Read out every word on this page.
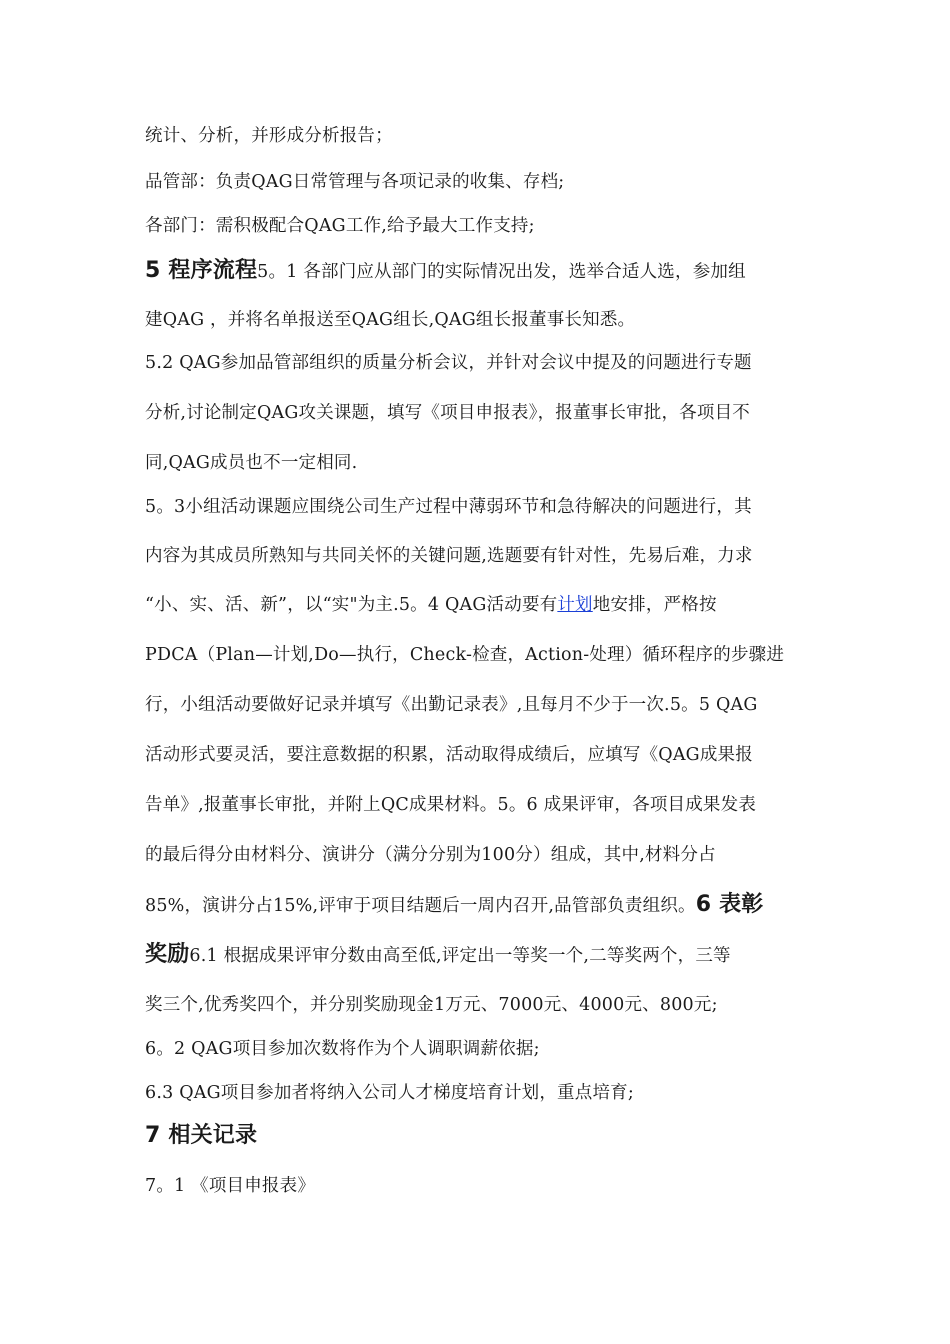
统计、分析，并形成分析报告；
品管部：负责QAG日常管理与各项记录的收集、存档;
各部门：需积极配合QAG工作,给予最大工作支持;
5 程序流程5。1 各部门应从部门的实际情况出发，选举合适人选，参加组
建QAG ，并将名单报送至QAG组长,QAG组长报董事长知悉。
5.2 QAG参加品管部组织的质量分析会议，并针对会议中提及的问题进行专题
分析,讨论制定QAG攻关课题，填写《项目申报表》，报董事长审批，各项目不
同,QAG成员也不一定相同.
5。3小组活动课题应围绕公司生产过程中薄弱环节和急待解决的问题进行，其
内容为其成员所熟知与共同关怀的关键问题,选题要有针对性，先易后难，力求
“小、实、活、新”，以“实"为主.5。4 QAG活动要有计划地安排，严格按
PDCA（Plan—计划,Do—执行，Check-检查，Action-处理）循环程序的步骤进
行，小组活动要做好记录并填写《出勤记录表》,且每月不少于一次.5。5 QAG
活动形式要灵活，要注意数据的积累，活动取得成绩后，应填写《QAG成果报
告单》,报董事长审批，并附上QC成果材料。5。6 成果评审，各项目成果发表
的最后得分由材料分、演讲分（满分分别为100分）组成，其中,材料分占
85%，演讲分占15%,评审于项目结题后一周内召开,品管部负责组织。6 表彰
奖励6.1 根据成果评审分数由高至低,评定出一等奖一个,二等奖两个，三等
奖三个,优秀奖四个，并分别奖励现金1万元、7000元、4000元、800元;
6。2 QAG项目参加次数将作为个人调职调薪依据;
6.3 QAG项目参加者将纳入公司人才梯度培育计划，重点培育;
7 相关记录
7。1 《项目申报表》
